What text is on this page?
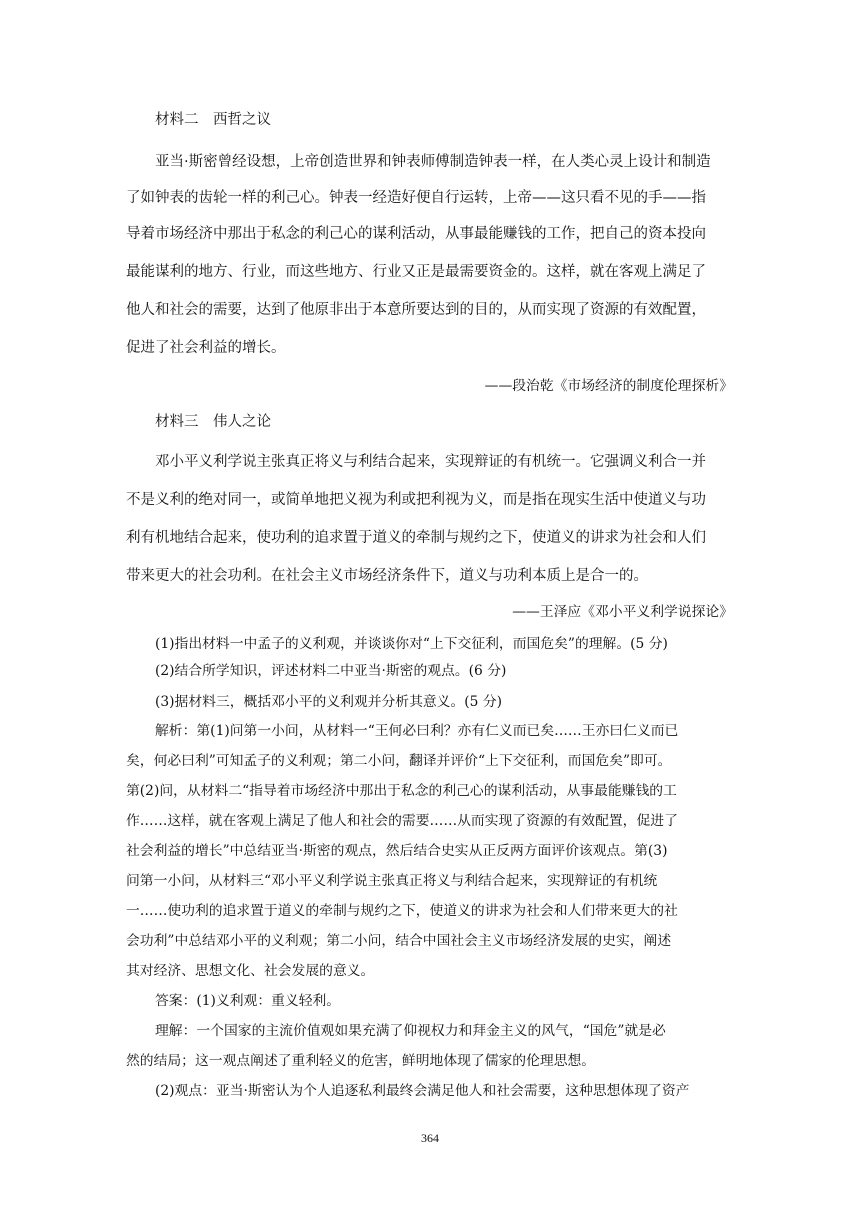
材料二　西哲之议
亚当·斯密曾经设想，上帝创造世界和钟表师傅制造钟表一样，在人类心灵上设计和制造
了如钟表的齿轮一样的利己心。钟表一经造好便自行运转，上帝——这只看不见的手——指
导着市场经济中那出于私念的利己心的谋利活动，从事最能赚钱的工作，把自己的资本投向
最能谋利的地方、行业，而这些地方、行业又正是最需要资金的。这样，就在客观上满足了
他人和社会的需要，达到了他原非出于本意所要达到的目的，从而实现了资源的有效配置，
促进了社会利益的增长。
——段治乾《市场经济的制度伦理探析》
材料三　伟人之论
邓小平义利学说主张真正将义与利结合起来，实现辩证的有机统一。它强调义利合一并
不是义利的绝对同一，或简单地把义视为利或把利视为义，而是指在现实生活中使道义与功
利有机地结合起来，使功利的追求置于道义的牵制与规约之下，使道义的讲求为社会和人们
带来更大的社会功利。在社会主义市场经济条件下，道义与功利本质上是合一的。
——王泽应《邓小平义利学说探论》
(1)指出材料一中孟子的义利观，并谈谈你对“上下交征利，而国危矣”的理解。(5 分)
(2)结合所学知识，评述材料二中亚当·斯密的观点。(6 分)
(3)据材料三，概括邓小平的义利观并分析其意义。(5 分)
解析：第(1)问第一小问，从材料一“王何必曰利？亦有仁义而已矣……王亦曰仁义而已
矣，何必曰利”可知孟子的义利观；第二小问，翻译并评价“上下交征利，而国危矣”即可。
第(2)问，从材料二“指导着市场经济中那出于私念的利己心的谋利活动，从事最能赚钱的工
作……这样，就在客观上满足了他人和社会的需要……从而实现了资源的有效配置，促进了
社会利益的增长”中总结亚当·斯密的观点，然后结合史实从正反两方面评价该观点。第(3)
问第一小问，从材料三“邓小平义利学说主张真正将义与利结合起来，实现辩证的有机统
一……使功利的追求置于道义的牵制与规约之下，使道义的讲求为社会和人们带来更大的社
会功利”中总结邓小平的义利观；第二小问，结合中国社会主义市场经济发展的史实，阐述
其对经济、思想文化、社会发展的意义。
答案：(1)义利观：重义轻利。
理解：一个国家的主流价值观如果充满了仰视权力和拜金主义的风气，“国危”就是必
然的结局；这一观点阐述了重利轻义的危害，鲜明地体现了儒家的伦理思想。
(2)观点：亚当·斯密认为个人追逐私利最终会满足他人和社会需要，这种思想体现了资产
364
